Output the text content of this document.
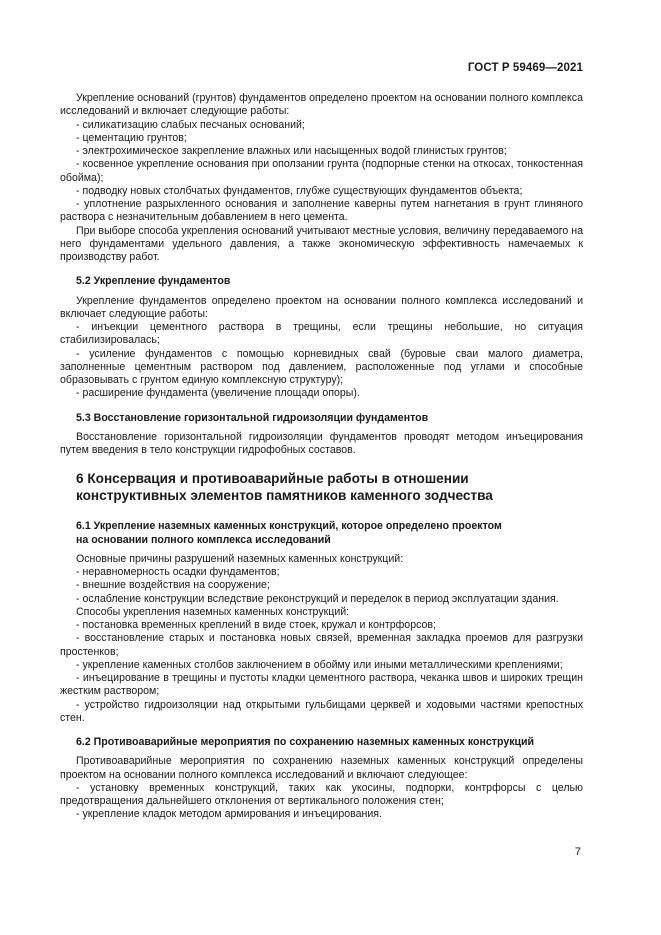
ГОСТ Р 59469—2021

Укрепление оснований (грунтов) фундаментов определено проектом на основании полного комплекса исследований и включает следующие работы:

- силикатизацию слабых песчаных оснований;

- цементацию грунтов;

- электрохимическое закрепление влажных или насыщенных водой глинистых грунтов;

- косвенное укрепление основания при оползании грунта (подпорные стенки на откосах, тонкостенная обойма);

- подводку новых столбчатых фундаментов, глубже существующих фундаментов объекта;

- уплотнение разрыхленного основания и заполнение каверны путем нагнетания в грунт глиняного раствора с незначительным добавлением в него цемента.

При выборе способа укрепления оснований учитывают местные условия, величину передаваемого на него фундаментами удельного давления, а также экономическую эффективность намечаемых к производству работ.

5.2 Укрепление фундаментов

Укрепление фундаментов определено проектом на основании полного комплекса исследований и включает следующие работы:

- инъекции цементного раствора в трещины, если трещины небольшие, но ситуация стабилизировалась;

- усиление фундаментов с помощью корневидных свай (буровые сваи малого диаметра, заполненные цементным раствором под давлением, расположенные под углами и способные образовывать с грунтом единую комплексную структуру);

- расширение фундамента (увеличение площади опоры).

5.3 Восстановление горизонтальной гидроизоляции фундаментов

Восстановление горизонтальной гидроизоляции фундаментов проводят методом инъецирования путем введения в тело конструкции гидрофобных составов.

6 Консервация и противоаварийные работы в отношении конструктивных элементов памятников каменного зодчества
6.1 Укрепление наземных каменных конструкций, которое определено проектом
на основании полного комплекса исследований

Основные причины разрушений наземных каменных конструкций:

- неравномерность осадки фундаментов;

- внешние воздействия на сооружение;

- ослабление конструкции вследствие реконструкций и переделок в период эксплуатации здания.

Способы укрепления наземных каменных конструкций:

- постановка временных креплений в виде стоек, кружал и контрфорсов;

- восстановление старых и постановка новых связей, временная закладка проемов для разгрузки простенков;

- укрепление каменных столбов заключением в обойму или иными металлическими креплениями;

- инъецирование в трещины и пустоты кладки цементного раствора, чеканка швов и широких трещин жестким раствором;

- устройство гидроизоляции над открытыми гульбищами церквей и ходовыми частями крепостных стен.

6.2 Противоаварийные мероприятия по сохранению наземных каменных конструкций

Противоаварийные мероприятия по сохранению наземных каменных конструкций определены проектом на основании полного комплекса исследований и включают следующее:

- установку временных конструкций, таких как укосины, подпорки, контрфорсы с целью предотвращения дальнейшего отклонения от вертикального положения стен;

- укрепление кладок методом армирования и инъецирования.

7
